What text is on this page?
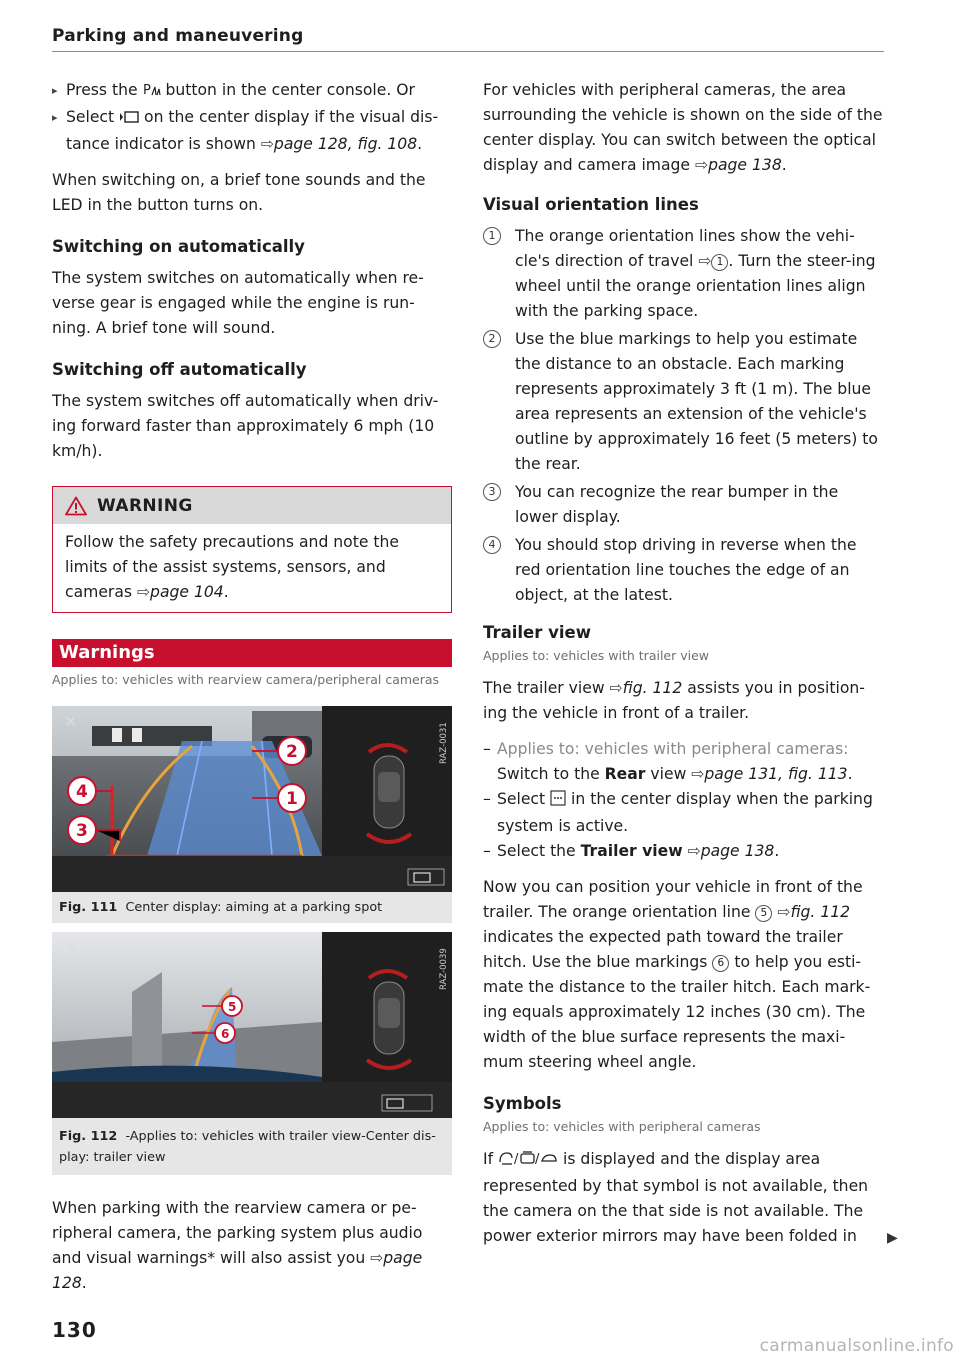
Parking and maneuvering
▸ Press the P button in the center console. Or
▸ Select  on the center display if the visual dis-tance indicator is shown ⇨page 128, fig. 108.

When switching on, a brief tone sounds and the LED in the button turns on.

Switching on automatically

The system switches on automatically when re-verse gear is engaged while the engine is run-ning. A brief tone will sound.

Switching off automatically

The system switches off automatically when driv-ing forward faster than approximately 6 mph (10 km/h).

WARNING
Follow the safety precautions and note the limits of the assist systems, sensors, and cameras ⇨page 104.
Warnings
Applies to: vehicles with rearview camera/peripheral cameras
✕
2
1
4
3
RAZ-0031
Fig. 111 Center display: aiming at a parking spot
✕
5
6
RAZ-0039
Fig. 112 -Applies to: vehicles with trailer view-Center dis-play: trailer view

When parking with the rearview camera or pe-ripheral camera, the parking system plus audio and visual warnings* will also assist you ⇨page 128.

For vehicles with peripheral cameras, the area surrounding the vehicle is shown on the side of the center display. You can switch between the optical display and camera image ⇨page 138.

Visual orientation lines
1	The orange orientation lines show the vehi-cle's direction of travel ⇨ 1 . Turn the steer-ing wheel until the orange orientation lines align with the parking space.
2	Use the blue markings to help you estimate the distance to an obstacle. Each marking represents approximately 3 ft (1 m). The blue area represents an extension of the vehicle's outline by approximately 16 feet (5 meters) to the rear.
3	You can recognize the rear bumper in the lower display.
4	You should stop driving in reverse when the red orientation line touches the edge of an object, at the latest.
Trailer view
Applies to: vehicles with trailer view

The trailer view ⇨fig. 112 assists you in position-ing the vehicle in front of a trailer.

– Applies to: vehicles with peripheral cameras:
Switch to the Rear view ⇨page 131, fig. 113.
– Select  in the center display when the parking system is active.
– Select the Trailer view ⇨page 138.

Now you can position your vehicle in front of the trailer. The orange orientation line 5 ⇨fig. 112 indicates the expected path toward the trailer hitch. Use the blue markings 6 to help you esti-mate the distance to the trailer hitch. Each mark-ing equals approximately 12 inches (30 cm). The width of the blue surface represents the maxi-mum steering wheel angle.

Symbols
Applies to: vehicles with peripheral cameras

If / / is displayed and the display area represented by that symbol is not available, then the camera on the that side is not available. The power exterior mirrors may have been folded in	▶
130
carmanualsonline.info
